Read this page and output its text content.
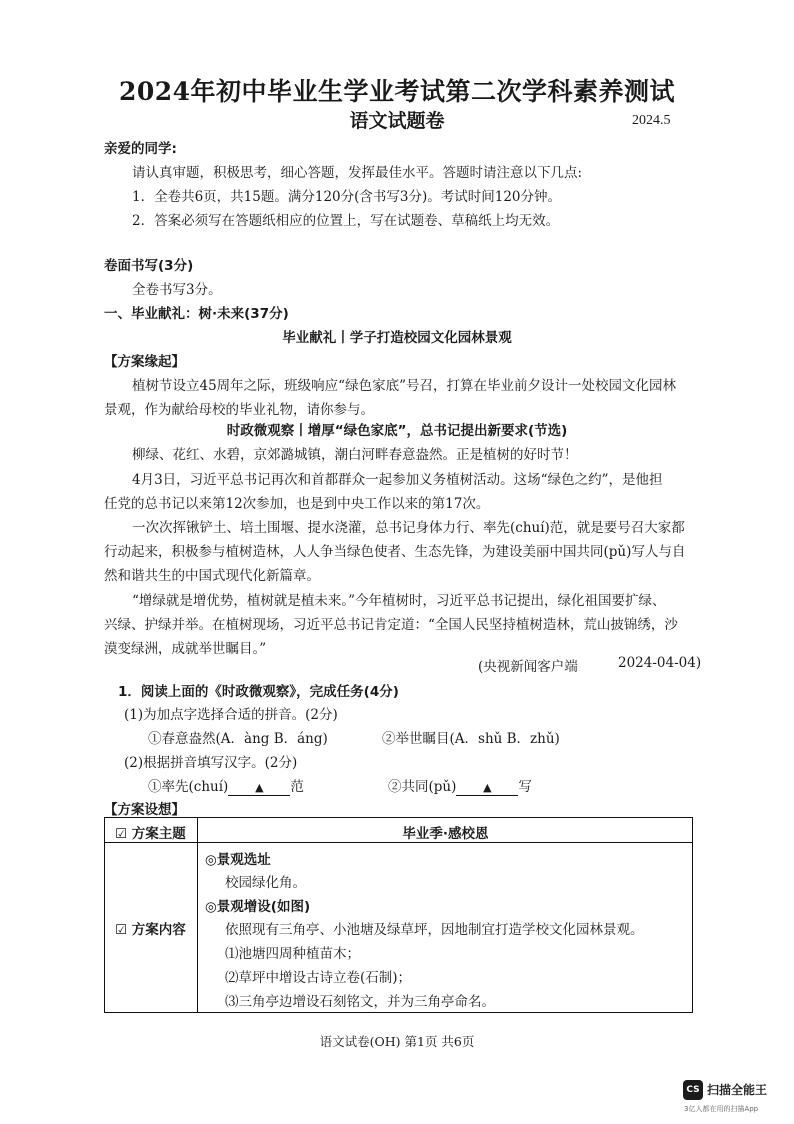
2024年初中毕业生学业考试第二次学科素养测试
语文试题卷	2024.5
亲爱的同学:
请认真审题，积极思考，细心答题，发挥最佳水平。答题时请注意以下几点:
1．全卷共6页，共15题。满分120分(含书写3分)。考试时间120分钟。
2．答案必须写在答题纸相应的位置上，写在试题卷、草稿纸上均无效。
卷面书写(3分)
全卷书写3分。
一、毕业献礼：树·未来(37分)
毕业献礼丨学子打造校园文化园林景观
【方案缘起】
植树节设立45周年之际，班级响应“绿色家底”号召，打算在毕业前夕设计一处校园文化园林
景观，作为献给母校的毕业礼物，请你参与。
时政微观察丨增厚“绿色家底”，总书记提出新要求(节选)
柳绿、花红、水碧，京郊潞城镇，潮白河畔春意盎然。正是植树的好时节！
4月3日，习近平总书记再次和首都群众一起参加义务植树活动。这场“绿色之约”，是他担
任党的总书记以来第12次参加，也是到中央工作以来的第17次。
一次次挥锹铲土、培土围堰、提水浇灌，总书记身体力行、率先(chuí)范，就是要号召大家都
行动起来，积极参与植树造林，人人争当绿色使者、生态先锋，为建设美丽中国共同(pǔ)写人与自
然和谐共生的中国式现代化新篇章。
“增绿就是增优势，植树就是植未来。”今年植树时，习近平总书记提出，绿化祖国要扩绿、
兴绿、护绿并举。在植树现场，习近平总书记肯定道：“全国人民坚持植树造林，荒山披锦绣，沙
漠变绿洲，成就举世瞩目。”
(央视新闻客户端	2024-04-04)
1．阅读上面的《时政微观察》，完成任务(4分)
(1)为加点字选择合适的拼音。(2分)
①春意盎然(A．àng B．áng)	②举世瞩目(A．shǔ B．zhǔ)
(2)根据拼音填写汉字。(2分)
①率先(chuí) ▲ 范	②共同(pǔ) ▲ 写
【方案设想】
☑ 方案主题	毕业季·感校恩
☑ 方案内容
◎景观选址
校园绿化角。
◎景观增设(如图)
依照现有三角亭、小池塘及绿草坪，因地制宜打造学校文化园林景观。
⑴池塘四周种植苗木；
⑵草坪中增设古诗立卷(石制)；
⑶三角亭边增设石刻铭文，并为三角亭命名。
语文试卷(OH) 第1页 共6页
CS 扫描全能王
3亿人都在用的扫描App
